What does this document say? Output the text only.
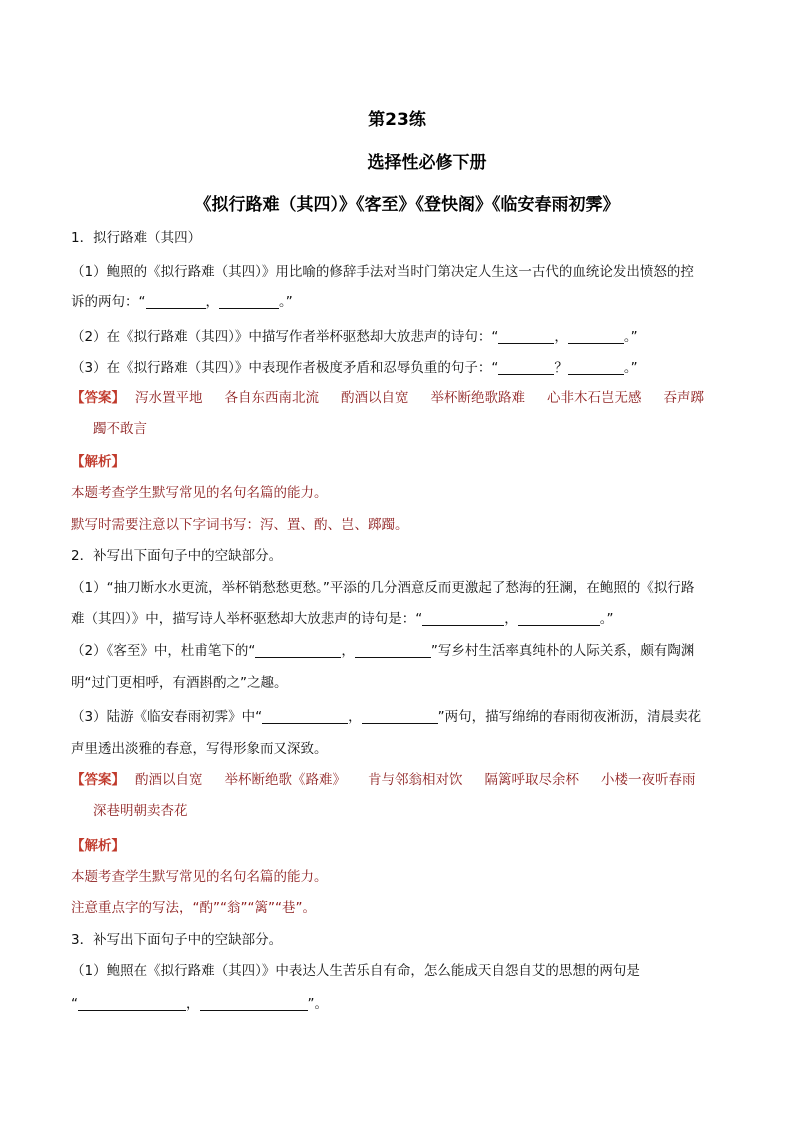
第23练
选择性必修下册
《拟行路难（其四）》《客至》《登快阁》《临安春雨初霁》
1．拟行路难（其四）
（1）鲍照的《拟行路难（其四）》用比喻的修辞手法对当时门第决定人生这一古代的血统论发出愤怒的控
诉的两句：“	，	。”
（2）在《拟行路难（其四）》中描写作者举杯驱愁却大放悲声的诗句：“	，	。”
（3）在《拟行路难（其四）》中表现作者极度矛盾和忍辱负重的句子：“	？	。”
【答案】 泻水置平地 各自东西南北流 酌酒以自宽 举杯断绝歌路难 心非木石岂无感 吞声踯
躅不敢言
【解析】
本题考查学生默写常见的名句名篇的能力。
默写时需要注意以下字词书写：泻、置、酌、岂、踯躅。
2．补写出下面句子中的空缺部分。
（1）“抽刀断水水更流，举杯销愁愁更愁。”平添的几分酒意反而更激起了愁海的狂澜，在鲍照的《拟行路
难（其四）》中，描写诗人举杯驱愁却大放悲声的诗句是：“	，	。”
（2）《客至》中，杜甫笔下的“	，	”写乡村生活率真纯朴的人际关系，颇有陶渊
明“过门更相呼，有酒斟酌之”之趣。
（3）陆游《临安春雨初霁》中“	，	”两句，描写绵绵的春雨彻夜淅沥，清晨卖花
声里透出淡雅的春意，写得形象而又深致。
【答案】 酌酒以自宽 举杯断绝歌《路难》 肯与邻翁相对饮 隔篱呼取尽余杯 小楼一夜听春雨
深巷明朝卖杏花
【解析】
本题考查学生默写常见的名句名篇的能力。
注意重点字的写法，“酌”“翁”“篱”“巷”。
3．补写出下面句子中的空缺部分。
（1）鲍照在《拟行路难（其四）》中表达人生苦乐自有命，怎么能成天自怨自艾的思想的两句是
“	，	”。
